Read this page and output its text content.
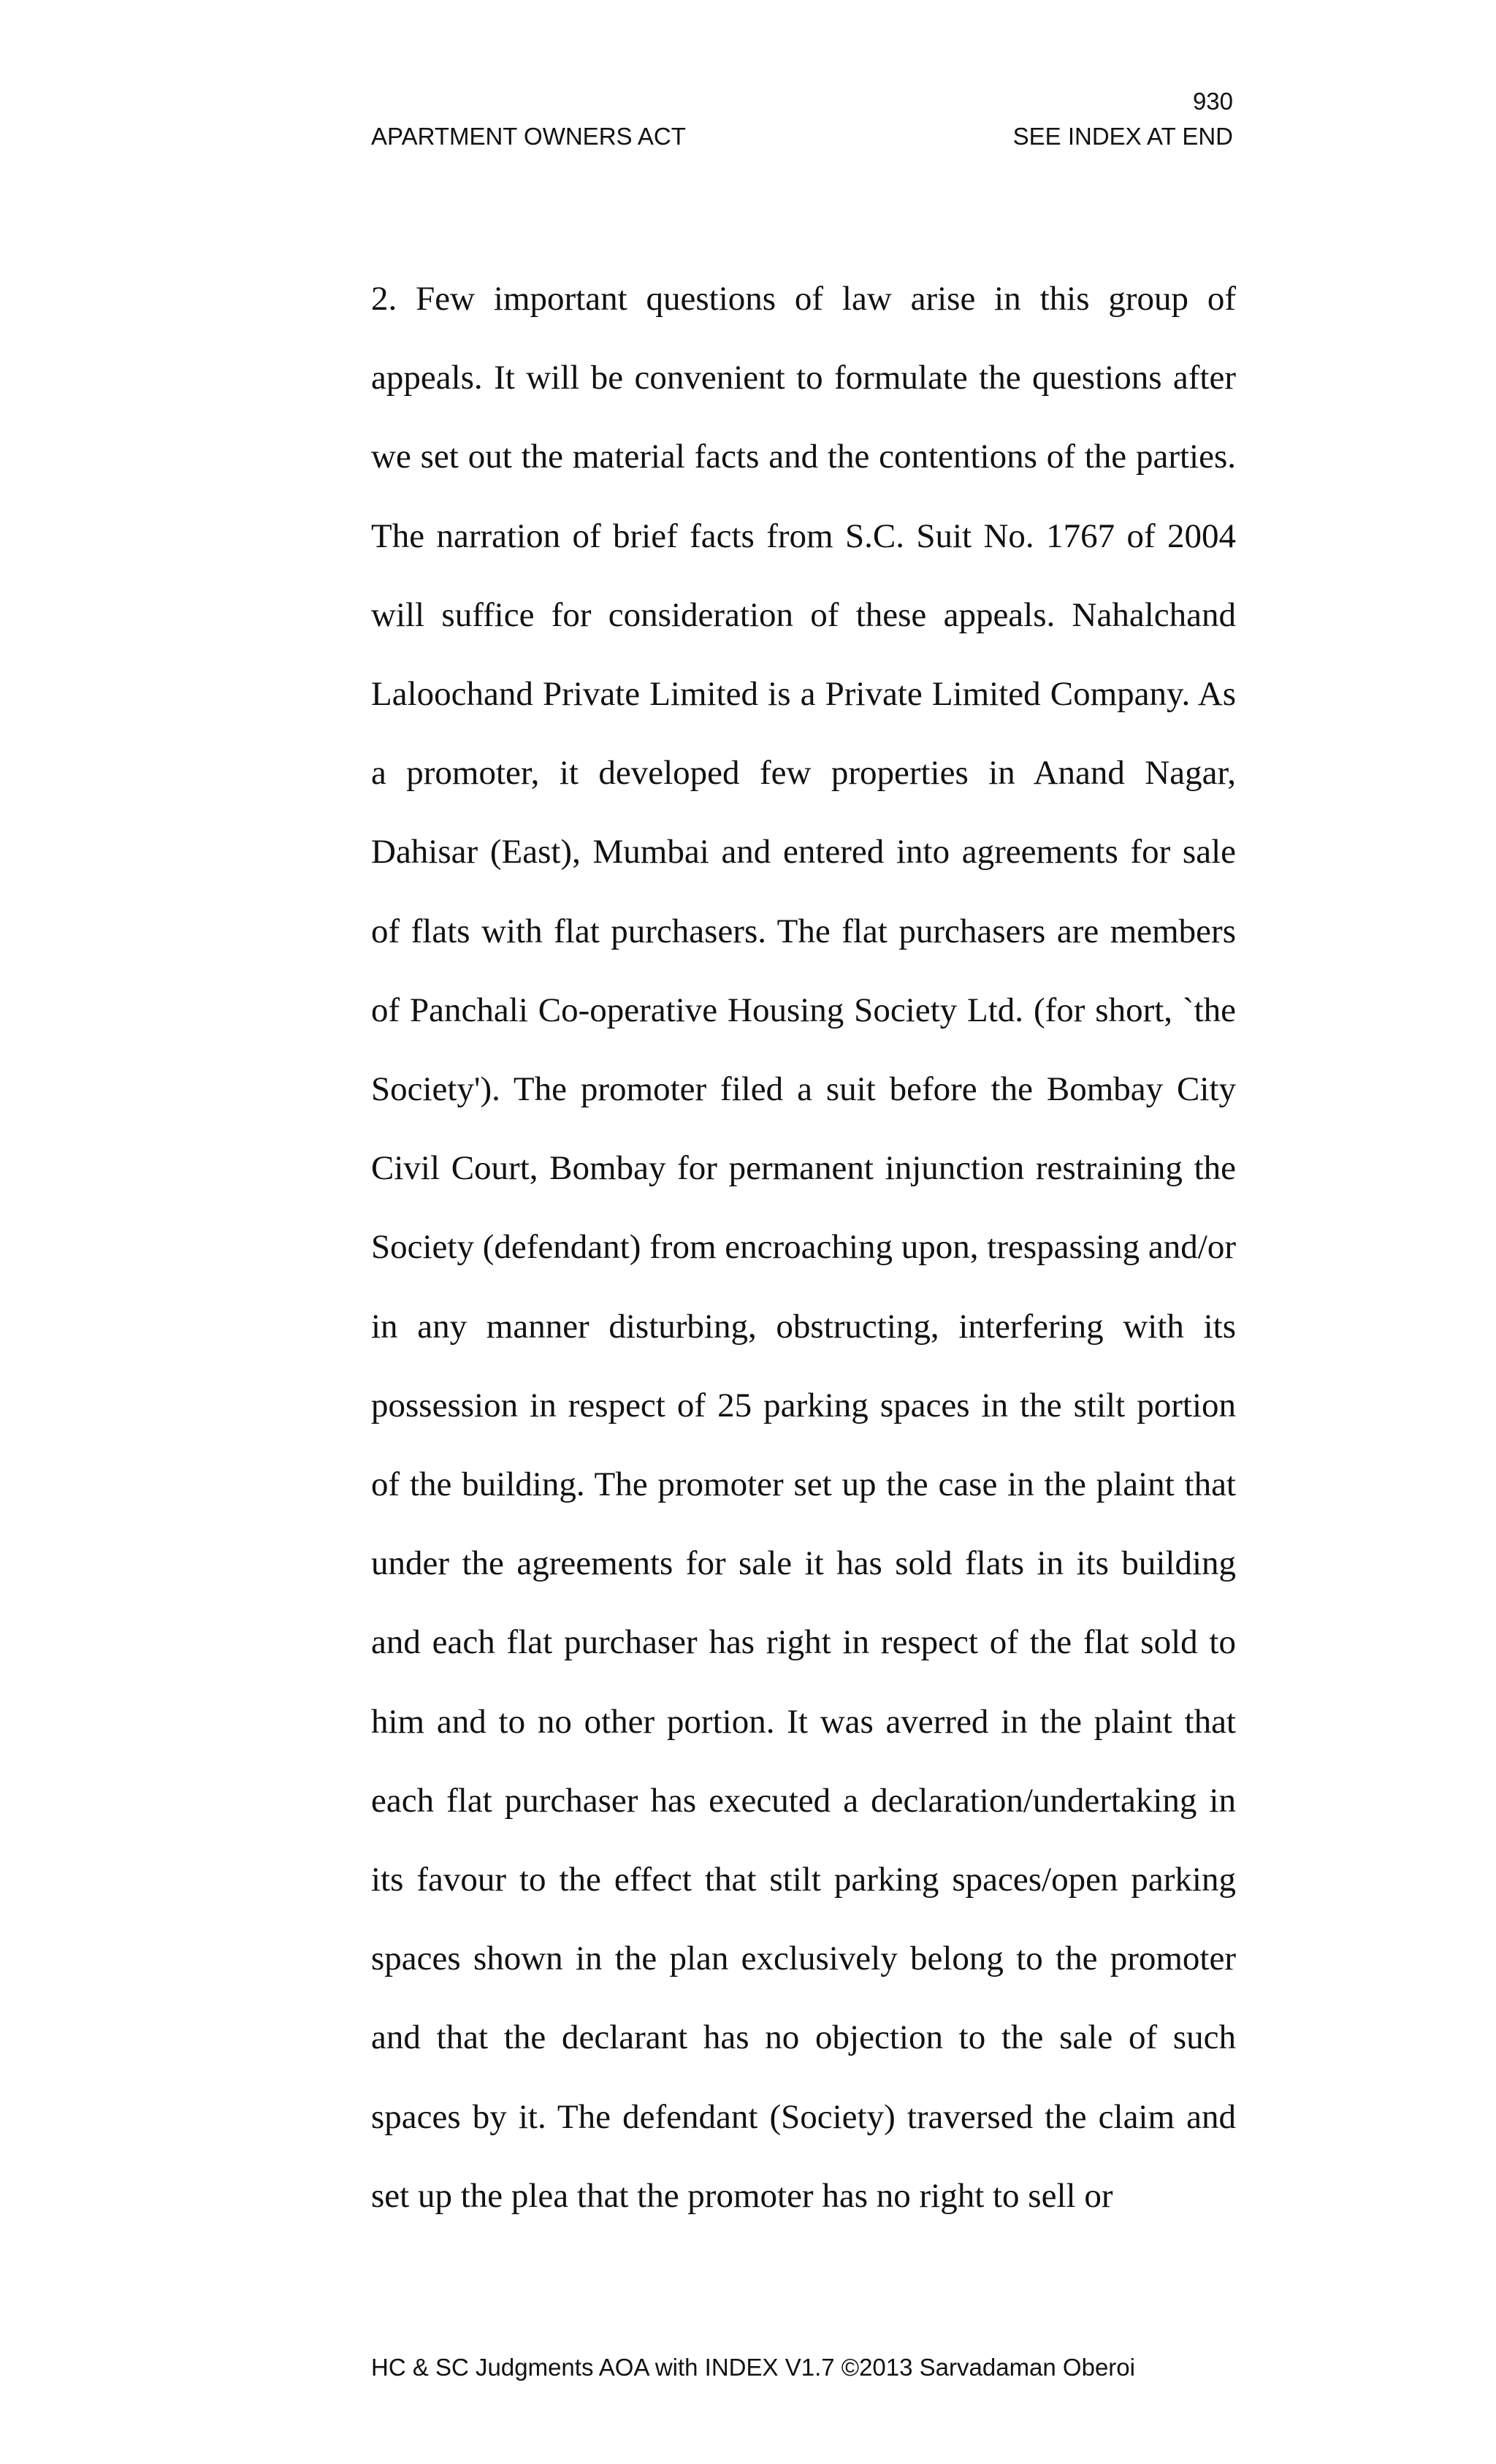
930
APARTMENT OWNERS ACT	SEE INDEX AT END

2. Few important questions of law arise in this group of appeals. It will be convenient to formulate the questions after we set out the material facts and the contentions of the parties. The narration of brief facts from S.C. Suit No. 1767 of 2004 will suffice for consideration of these appeals. Nahalchand Laloochand Private Limited is a Private Limited Company. As a promoter, it developed few properties in Anand Nagar, Dahisar (East), Mumbai and entered into agreements for sale of flats with flat purchasers. The flat purchasers are members of Panchali Co-operative Housing Society Ltd. (for short, `the Society'). The promoter filed a suit before the Bombay City Civil Court, Bombay for permanent injunction restraining the Society (defendant) from encroaching upon, trespassing and/or in any manner disturbing, obstructing, interfering with its possession in respect of 25 parking spaces in the stilt portion of the building. The promoter set up the case in the plaint that under the agreements for sale it has sold flats in its building and each flat purchaser has right in respect of the flat sold to him and to no other portion. It was averred in the plaint that each flat purchaser has executed a declaration/undertaking in its favour to the effect that stilt parking spaces/open parking spaces shown in the plan exclusively belong to the promoter and that the declarant has no objection to the sale of such spaces by it. The defendant (Society) traversed the claim and set up the plea that the promoter has no right to sell or

HC & SC Judgments AOA with INDEX V1.7 ©2013 Sarvadaman Oberoi
